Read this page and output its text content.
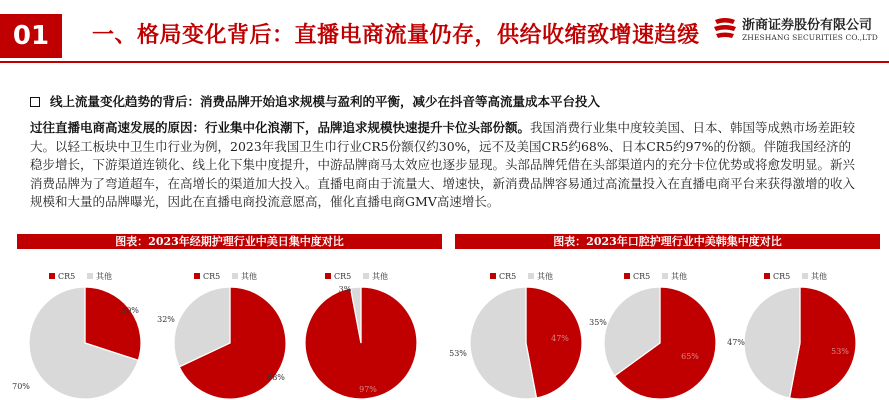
01	一、格局变化背后：直播电商流量仍存，供给收缩致增速趋缓	浙商证券股份有限公司
ZHESHANG SECURITIES CO.,LTD
线上流量变化趋势的背后：消费品牌开始追求规模与盈利的平衡，减少在抖音等高流量成本平台投入
过往直播电商高速发展的原因：行业集中化浪潮下，品牌追求规模快速提升卡位头部份额。我国消费行业集中度较美国、日本、韩国等成熟市场差距较大。以轻工板块中卫生巾行业为例，2023年我国卫生巾行业CR5份额仅约30%，远不及美国CR5约68%、日本CR5约97%的份额。伴随我国经济的稳步增长，下游渠道连锁化、线上化下集中度提升，中游品牌商马太效应也逐步显现。头部品牌凭借在头部渠道内的充分卡位优势或将愈发明显。新兴消费品牌为了弯道超车，在高增长的渠道加大投入。直播电商由于流量大、增速快，新消费品牌容易通过高流量投入在直播电商平台来获得激增的收入规模和大量的品牌曝光，因此在直播电商投流意愿高，催化直播电商GMV高速增长。
图表：2023年经期护理行业中美日集中度对比	图表：2023年口腔护理行业中美韩集中度对比
30%
70%
CR5	其他
68%
32%
CR5	其他
97%
3%
CR5	其他
47%
53%
CR5	其他
65%
35%
CR5	其他
53%
47%
CR5	其他
